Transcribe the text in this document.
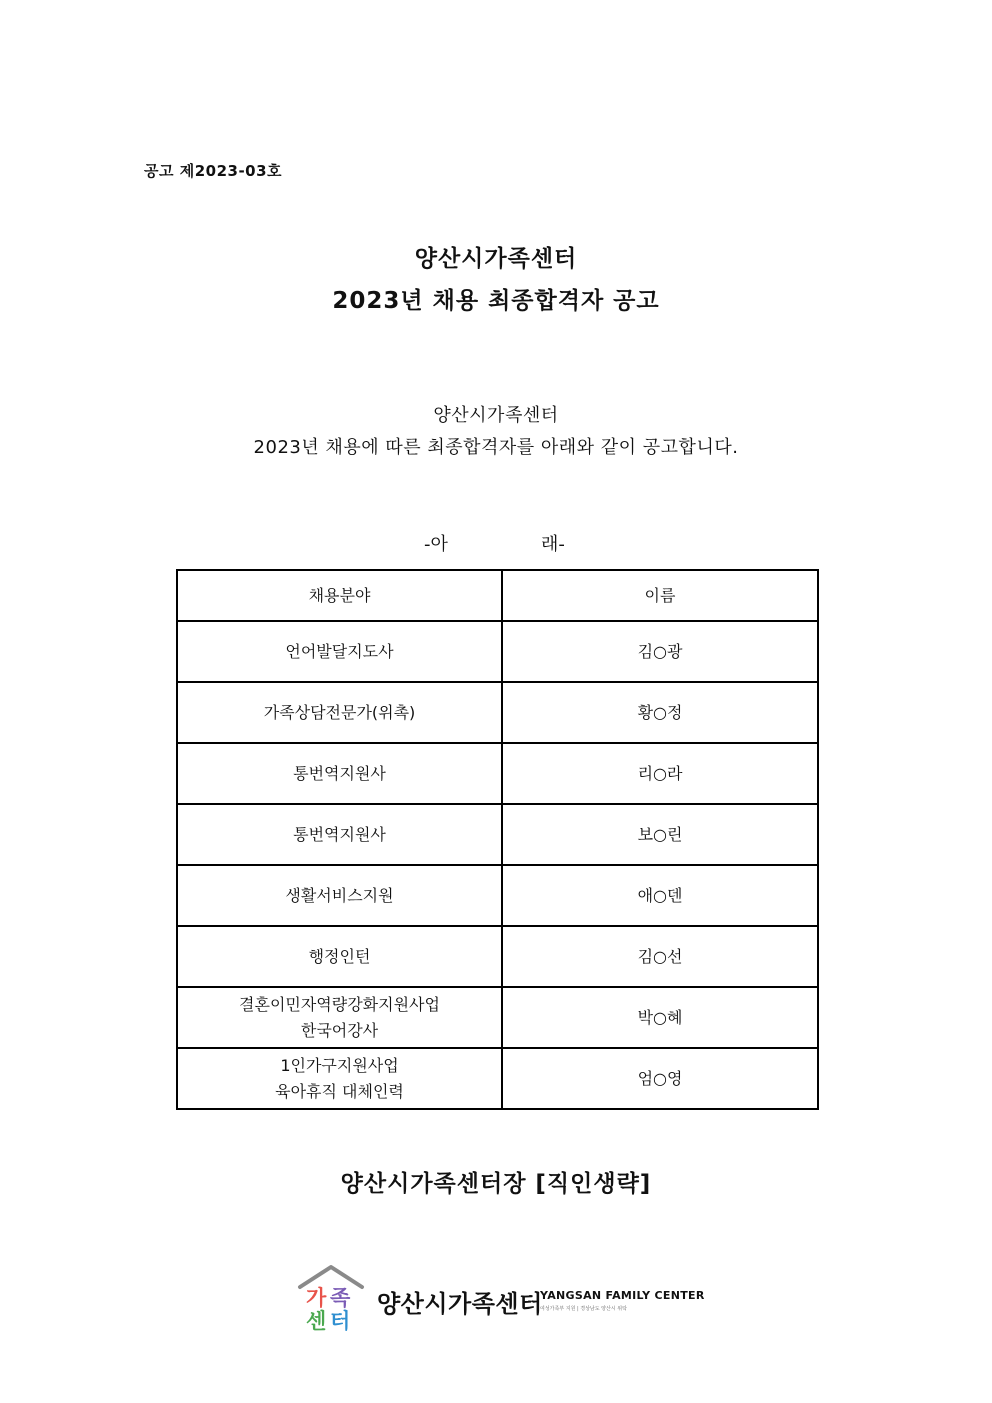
공고 제2023-03호
양산시가족센터
2023년 채용 최종합격자 공고
양산시가족센터
2023년 채용에 따른 최종합격자를 아래와 같이 공고합니다.
-아	래-
채용분야	이름

언어발달지도사	김○광

가족상담전문가(위촉)	황○정

통번역지원사	리○라

통번역지원사	보○린

생활서비스지원	애○덴

행정인턴	김○선

결혼이민자역량강화지원사업
한국어강사	박○혜

1인가구지원사업
육아휴직 대체인력	엄○영
양산시가족센터장 [직인생략]
가 족
센 터
양산시가족센터
YANGSAN FAMILY CENTER
여성가족부 지원 | 경상남도 양산시 위탁
